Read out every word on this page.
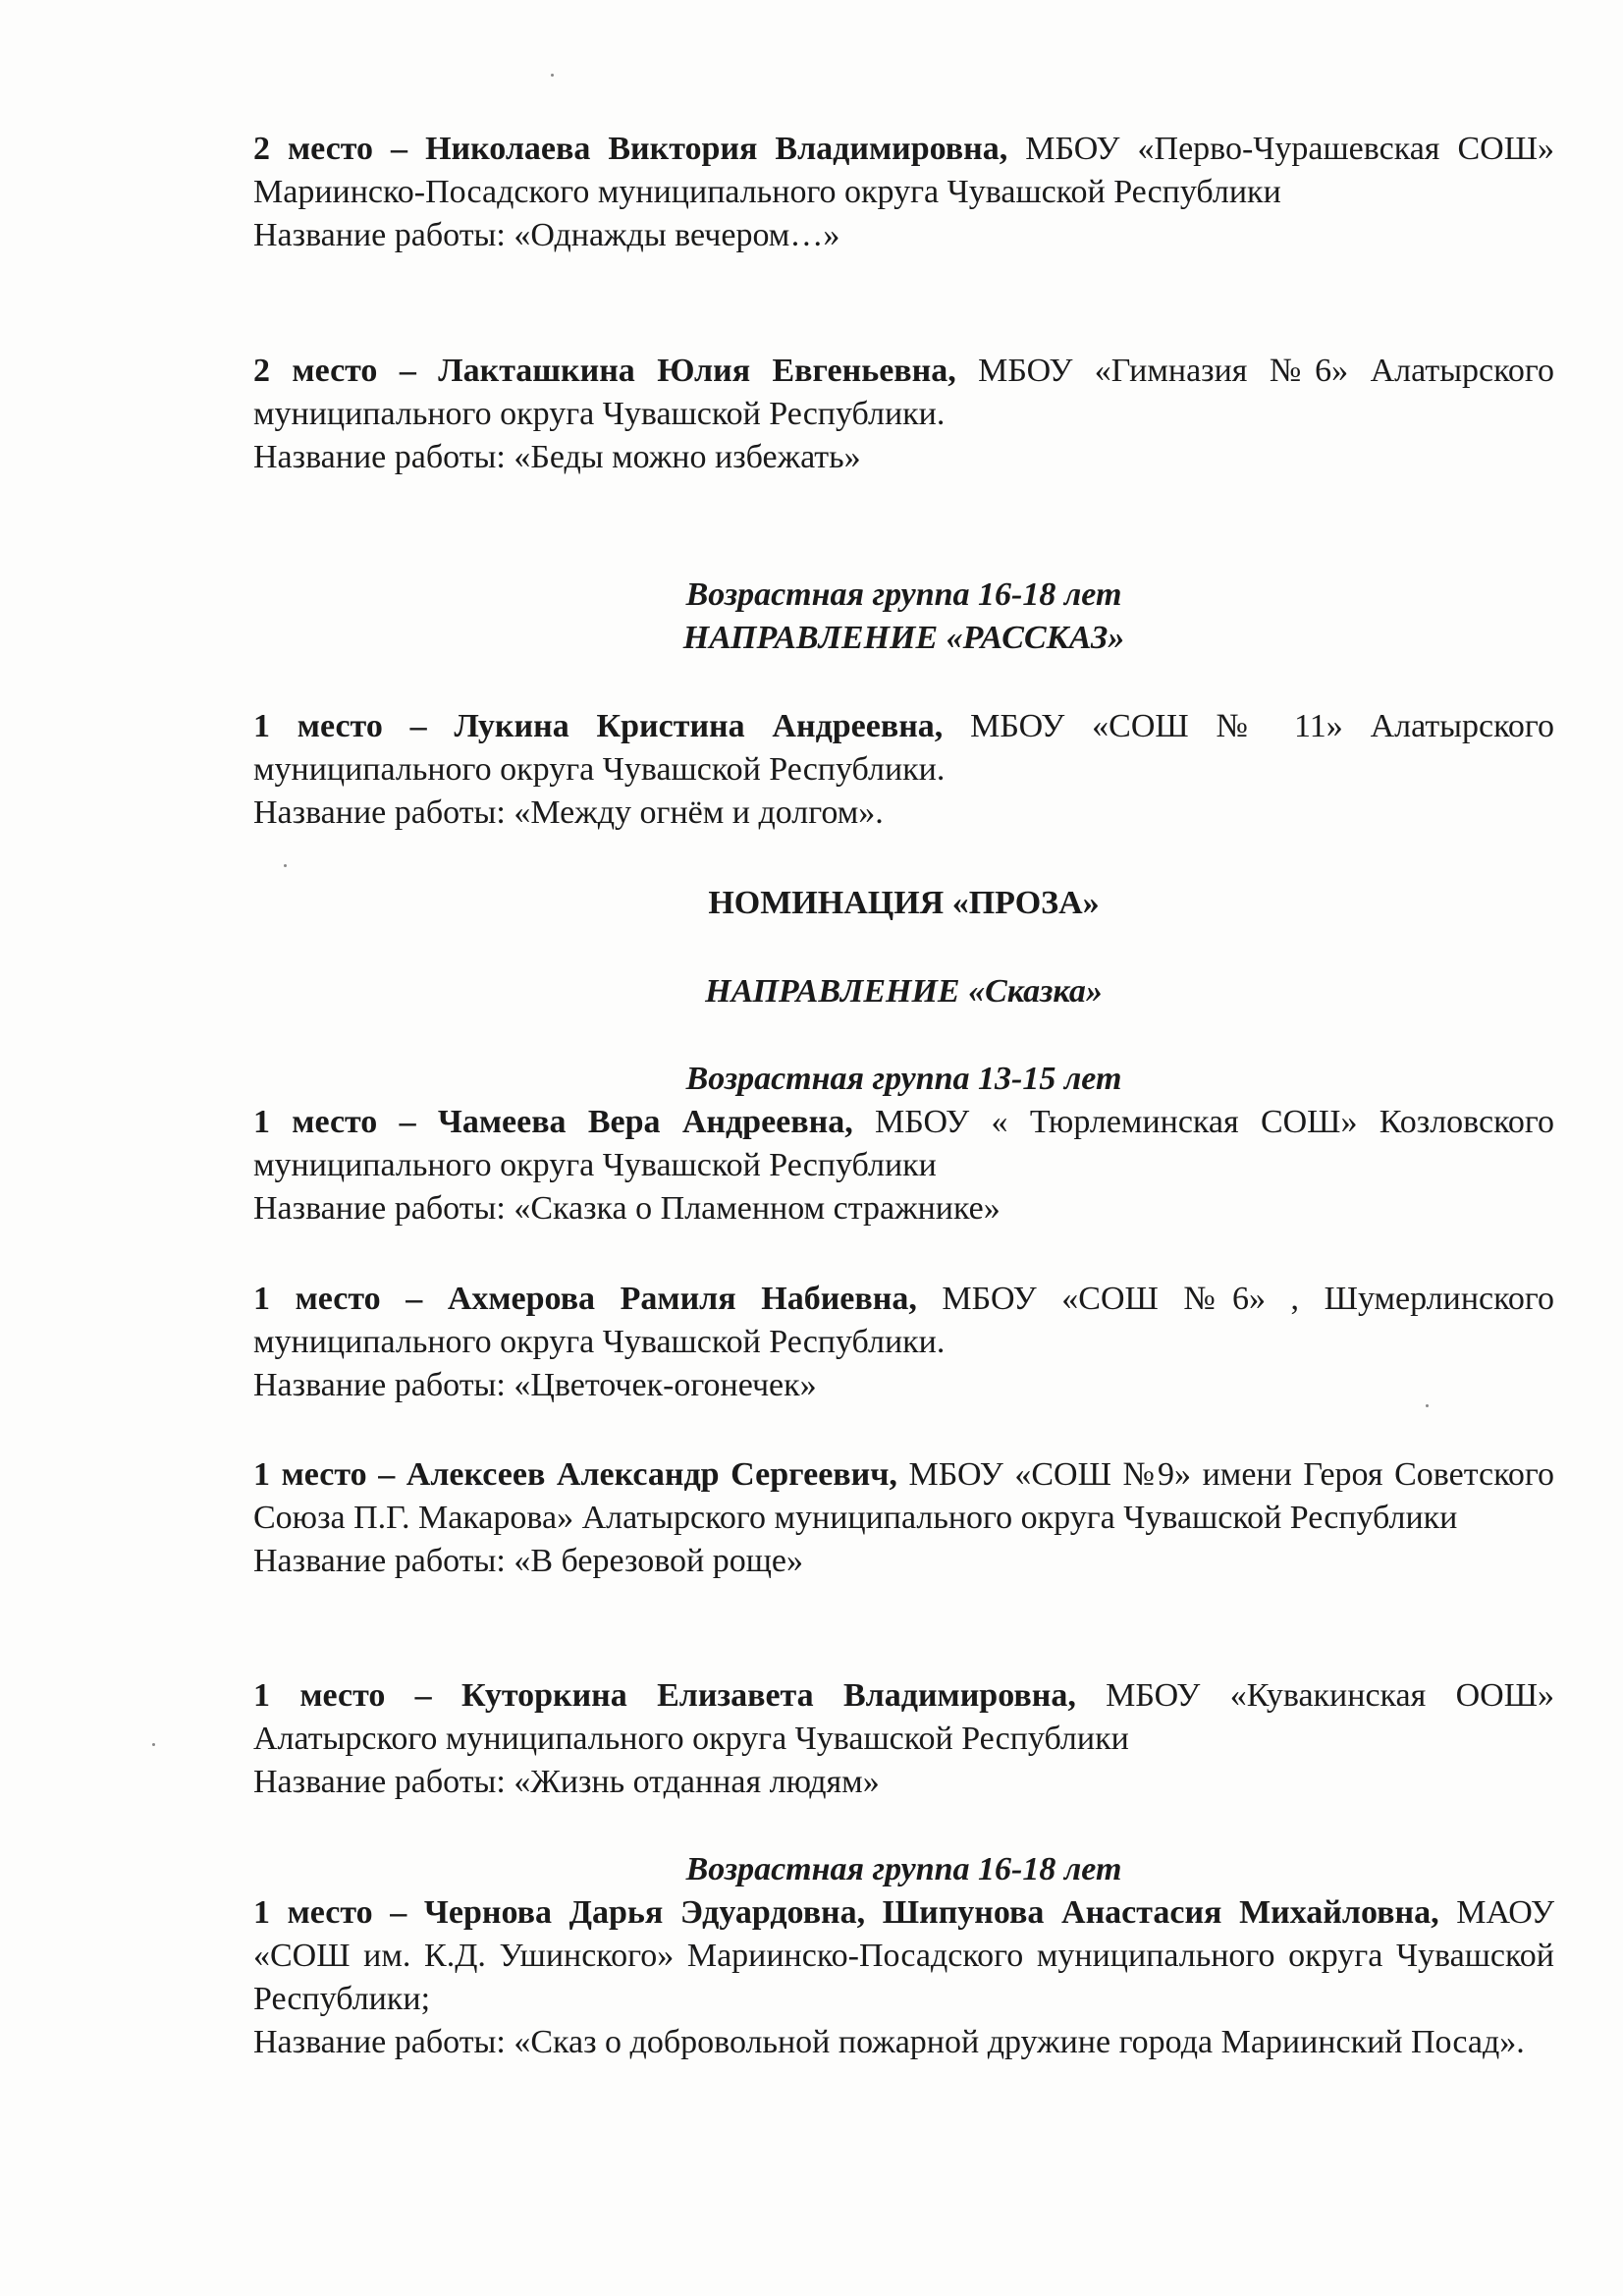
2 место – Николаева Виктория Владимировна, МБОУ «Перво-Чурашевская СОШ» Мариинско-Посадского муниципального округа Чувашской Республики
Название работы: «Однажды вечером…»
2 место – Лакташкина Юлия Евгеньевна, МБОУ «Гимназия №6» Алатырского муниципального округа Чувашской Республики.
Название работы: «Беды можно избежать»
Возрастная группа 16-18 лет
НАПРАВЛЕНИЕ «РАССКАЗ»
1 место – Лукина Кристина Андреевна, МБОУ «СОШ № 11» Алатырского муниципального округа Чувашской Республики.
Название работы: «Между огнём и долгом».
НОМИНАЦИЯ «ПРОЗА»
НАПРАВЛЕНИЕ «Сказка»
Возрастная группа 13-15 лет
1 место – Чамеева Вера Андреевна, МБОУ « Тюрлеминская СОШ» Козловского муниципального округа Чувашской Республики
Название работы: «Сказка о Пламенном стражнике»
1 место – Ахмерова Рамиля Набиевна, МБОУ «СОШ №6» , Шумерлинского муниципального округа Чувашской Республики.
Название работы: «Цветочек-огонечек»
1 место – Алексеев Александр Сергеевич, МБОУ «СОШ №9» имени Героя Советского Союза П.Г. Макарова» Алатырского муниципального округа Чувашской Республики
Название работы: «В березовой роще»
1 место – Куторкина Елизавета Владимировна, МБОУ «Кувакинская ООШ» Алатырского муниципального округа Чувашской Республики
Название работы: «Жизнь отданная людям»
Возрастная группа 16-18 лет
1 место – Чернова Дарья Эдуардовна, Шипунова Анастасия Михайловна, МАОУ «СОШ им. К.Д. Ушинского» Мариинско-Посадского муниципального округа Чувашской Республики;
Название работы: «Сказ о добровольной пожарной дружине города Мариинский Посад».
